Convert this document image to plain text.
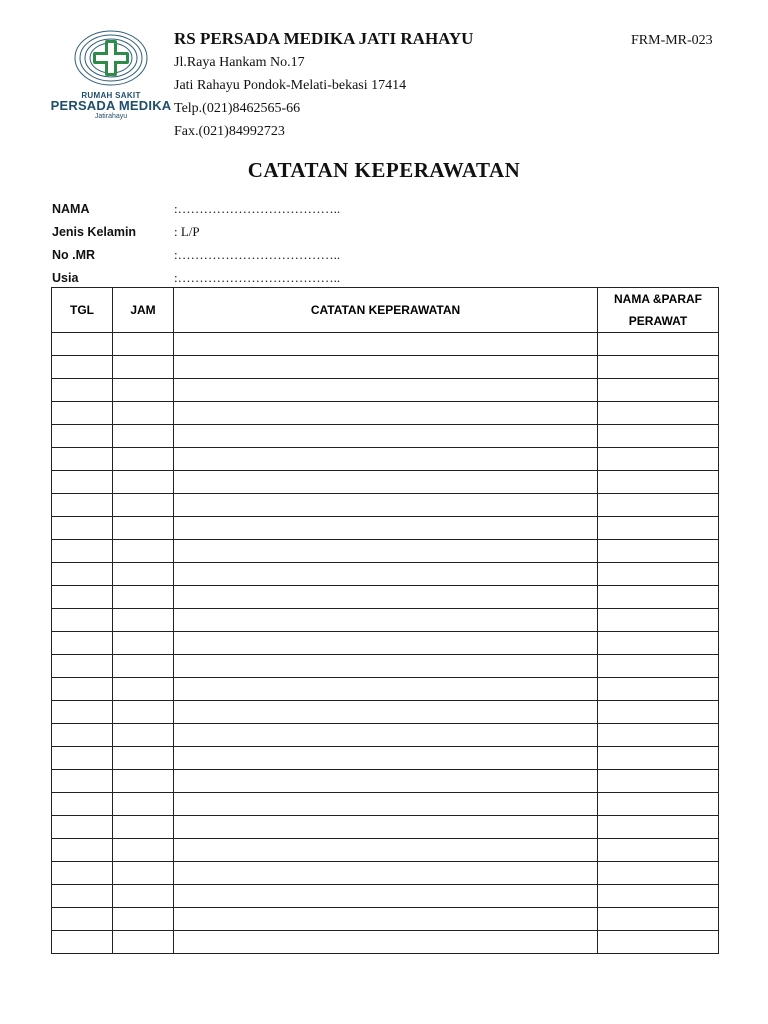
RUMAH SAKIT
PERSADA MEDIKA
Jatirahayu
RS PERSADA MEDIKA JATI RAHAYU
Jl.Raya Hankam No.17
Jati Rahayu Pondok-Melati-bekasi 17414
Telp.(021)8462565-66
Fax.(021)84992723
FRM-MR-023
CATATAN KEPERAWATAN
NAMA	:………………………………..
Jenis Kelamin	: L/P
No .MR	:………………………………..
Usia	:………………………………..
TGL	JAM	CATATAN KEPERAWATAN	NAMA &PARAF
PERAWAT
